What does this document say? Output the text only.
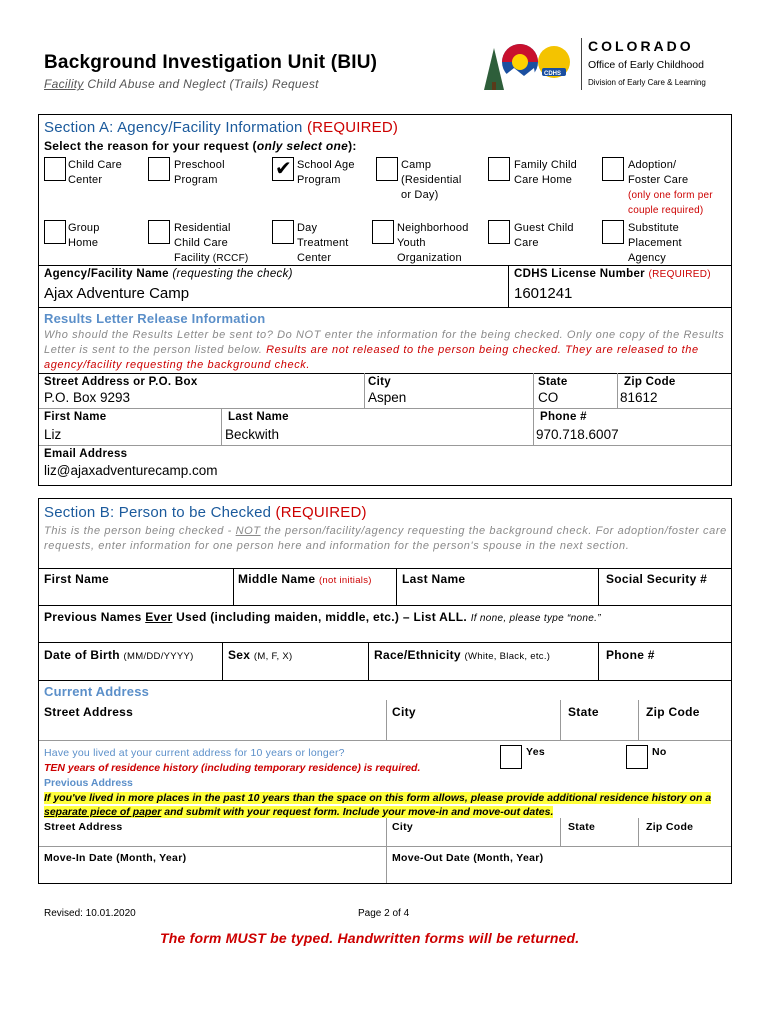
Background Investigation Unit (BIU)
Facility Child Abuse and Neglect (Trails) Request
CDHS
COLORADO
Office of Early Childhood
Division of Early Care & Learning
Section A: Agency/Facility Information (REQUIRED)
Select the reason for your request (only select one):
Child Care
Center
Preschool
Program	✔ School Age
Program
Camp
(Residential
or Day)
Family Child
Care Home
Adoption/
Foster Care
(only one form per
couple required)
Group
Home
Residential
Child Care
Facility (RCCF)
Day
Treatment
Center
Neighborhood
Youth
Organization
Guest Child
Care
Substitute
Placement
Agency
Agency/Facility Name (requesting the check)
Ajax Adventure Camp
CDHS License Number (REQUIRED)
1601241
Results Letter Release Information
Who should the Results Letter be sent to? Do NOT enter the information for the being checked. Only one copy of the Results Letter is sent to the person listed below. Results are not released to the person being checked. They are released to the agency/facility requesting the background check.
Street Address or P.O. Box
P.O. Box 9293
City
Aspen
State
CO
Zip Code
81612
First Name
Liz
Last Name
Beckwith
Phone #
970.718.6007
Email Address
liz@ajaxadventurecamp.com
Section B: Person to be Checked (REQUIRED)
This is the person being checked - NOT the person/facility/agency requesting the background check. For adoption/foster care requests, enter information for one person here and information for the person's spouse in the next section.
First Name	Middle Name (not initials)	Last Name	Social Security #
Previous Names Ever Used (including maiden, middle, etc.) – List ALL. If none, please type “none.”
Date of Birth (MM/DD/YYYY)	Sex (M, F, X)	Race/Ethnicity (White, Black, etc.)	Phone #
Current Address
Street Address	City	State	Zip Code
Have you lived at your current address for 10 years or longer?	Yes	No
TEN years of residence history (including temporary residence) is required.
Previous Address
If you've lived in more places in the past 10 years than the space on this form allows, please provide additional residence history on a separate piece of paper and submit with your request form. Include your move-in and move-out dates.
Street Address	City	State	Zip Code
Move-In Date (Month, Year)	Move-Out Date (Month, Year)
Revised: 10.01.2020	Page 2 of 4
The form MUST be typed. Handwritten forms will be returned.
